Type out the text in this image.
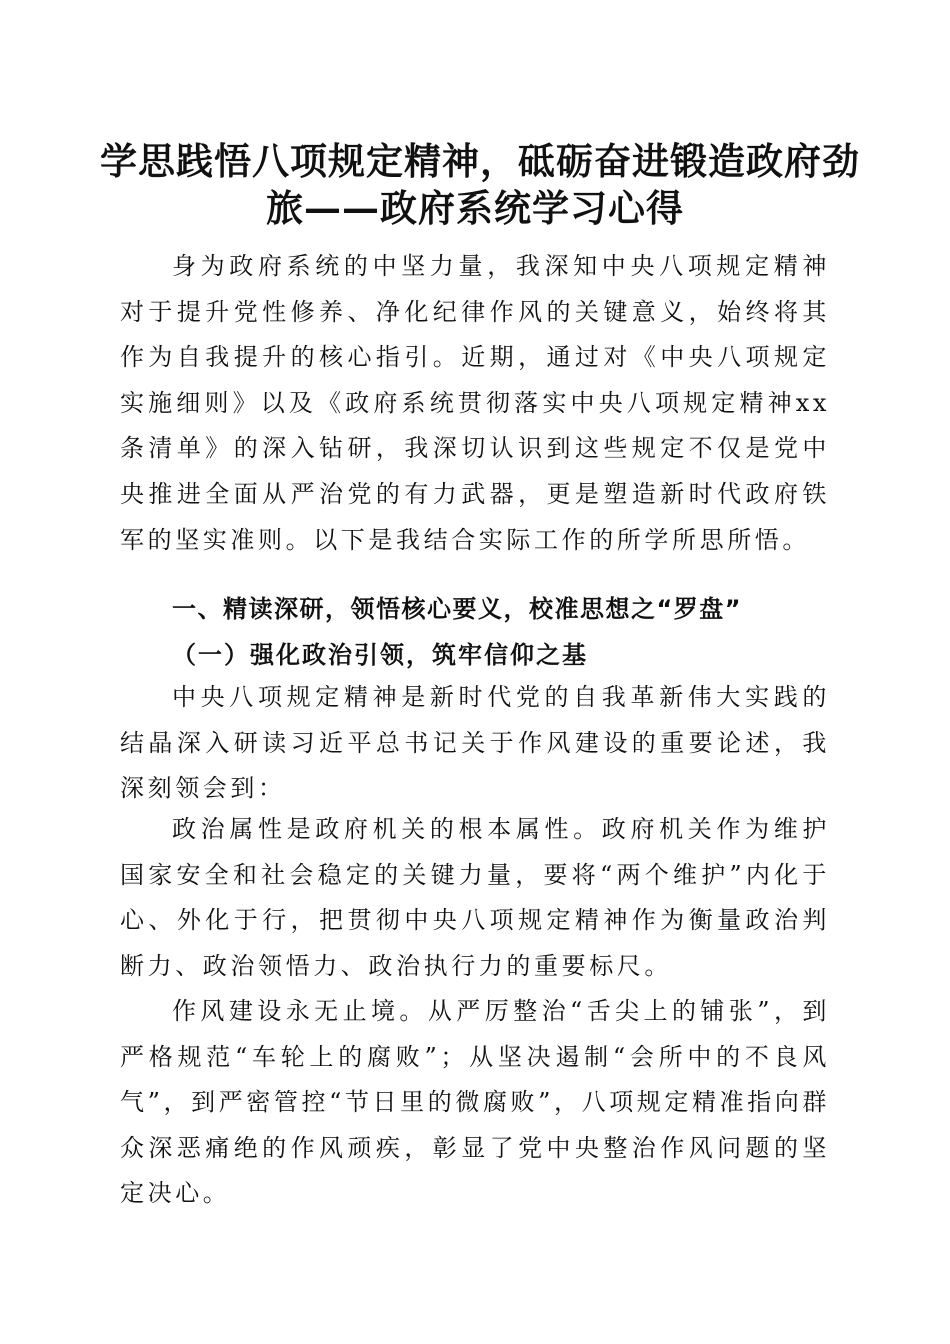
学思践悟八项规定精神，砥砺奋进锻造政府劲
旅——政府系统学习心得

身为政府系统的中坚力量，我深知中央八项规定精神对于提升党性修养、净化纪律作风的关键意义，始终将其作为自我提升的核心指引。近期，通过对《中央八项规定实施细则》以及《政府系统贯彻落实中央八项规定精神xx条清单》的深入钻研，我深切认识到这些规定不仅是党中央推进全面从严治党的有力武器，更是塑造新时代政府铁军的坚实准则。以下是我结合实际工作的所学所思所悟。

一、精读深研，领悟核心要义，校准思想之“罗盘”

（一）强化政治引领，筑牢信仰之基

中央八项规定精神是新时代党的自我革新伟大实践的结晶深入研读习近平总书记关于作风建设的重要论述，我深刻领会到：

政治属性是政府机关的根本属性。政府机关作为维护国家安全和社会稳定的关键力量，要将“两个维护”内化于心、外化于行，把贯彻中央八项规定精神作为衡量政治判断力、政治领悟力、政治执行力的重要标尺。

作风建设永无止境。从严厉整治“舌尖上的铺张”，到严格规范“车轮上的腐败”；从坚决遏制“会所中的不良风气”，到严密管控“节日里的微腐败”，八项规定精准指向群众深恶痛绝的作风顽疾，彰显了党中央整治作风问题的坚定决心。
